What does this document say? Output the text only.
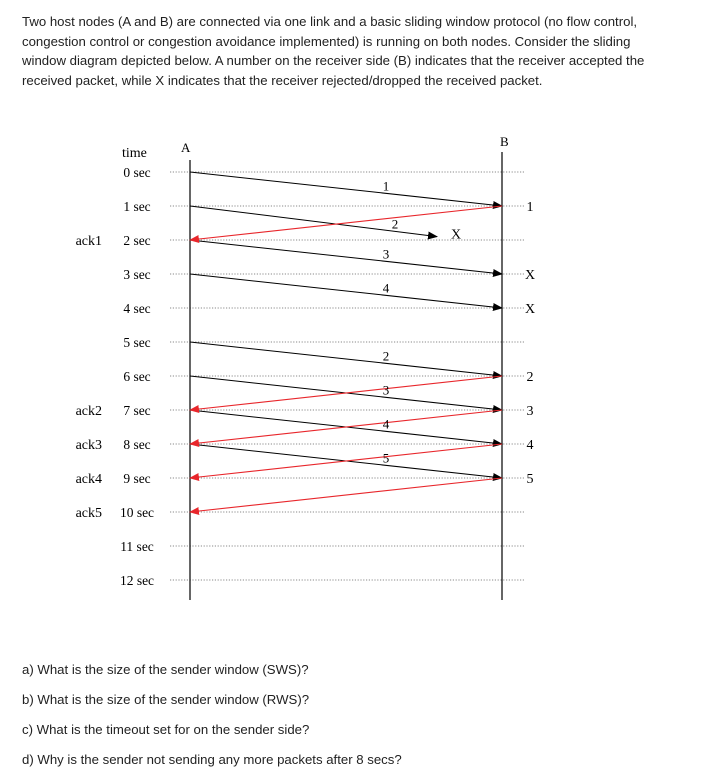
Two host nodes (A and B) are connected via one link and a basic sliding window protocol (no flow control, congestion control or congestion avoidance implemented) is running on both nodes. Consider the sliding window diagram depicted below. A number on the receiver side (B) indicates that the receiver accepted the received packet, while X indicates that the receiver rejected/dropped the received packet.
A	B
time
0 sec
1 sec
2 sec
3 sec
4 sec
5 sec
6 sec
7 sec
8 sec
9 sec
10 sec
11 sec
12 sec
ack1
ack2
ack3
ack4
ack5
1
2
3
4
2
3
4
5
1
X
X
X
2
3
4
5
a) What is the size of the sender window (SWS)?
b) What is the size of the sender window (RWS)?
c) What is the timeout set for on the sender side?
d) Why is the sender not sending any more packets after 8 secs?
